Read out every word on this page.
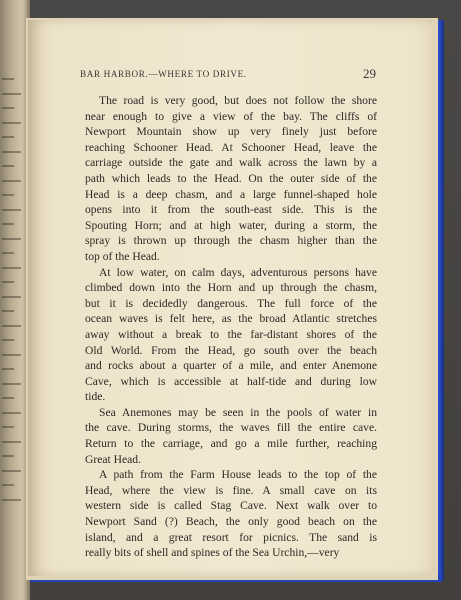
BAR HARBOR.—WHERE TO DRIVE.	29
The road is very good, but does not follow the shore
near enough to give a view of the bay. The cliffs of
Newport Mountain show up very finely just before
reaching Schooner Head. At Schooner Head, leave the
carriage outside the gate and walk across the lawn by a
path which leads to the Head. On the outer side of the
Head is a deep chasm, and a large funnel-shaped hole
opens into it from the south-east side. This is the
Spouting Horn; and at high water, during a storm, the
spray is thrown up through the chasm higher than the
top of the Head.
At low water, on calm days, adventurous persons have
climbed down into the Horn and up through the chasm,
but it is decidedly dangerous. The full force of the
ocean waves is felt here, as the broad Atlantic stretches
away without a break to the far-distant shores of the
Old World. From the Head, go south over the beach
and rocks about a quarter of a mile, and enter Anemone
Cave, which is accessible at half-tide and during low
tide.
Sea Anemones may be seen in the pools of water in
the cave. During storms, the waves fill the entire cave.
Return to the carriage, and go a mile further, reaching
Great Head.
A path from the Farm House leads to the top of the
Head, where the view is fine. A small cave on its
western side is called Stag Cave. Next walk over to
Newport Sand (?) Beach, the only good beach on the
island, and a great resort for picnics. The sand is
really bits of shell and spines of the Sea Urchin,—very
